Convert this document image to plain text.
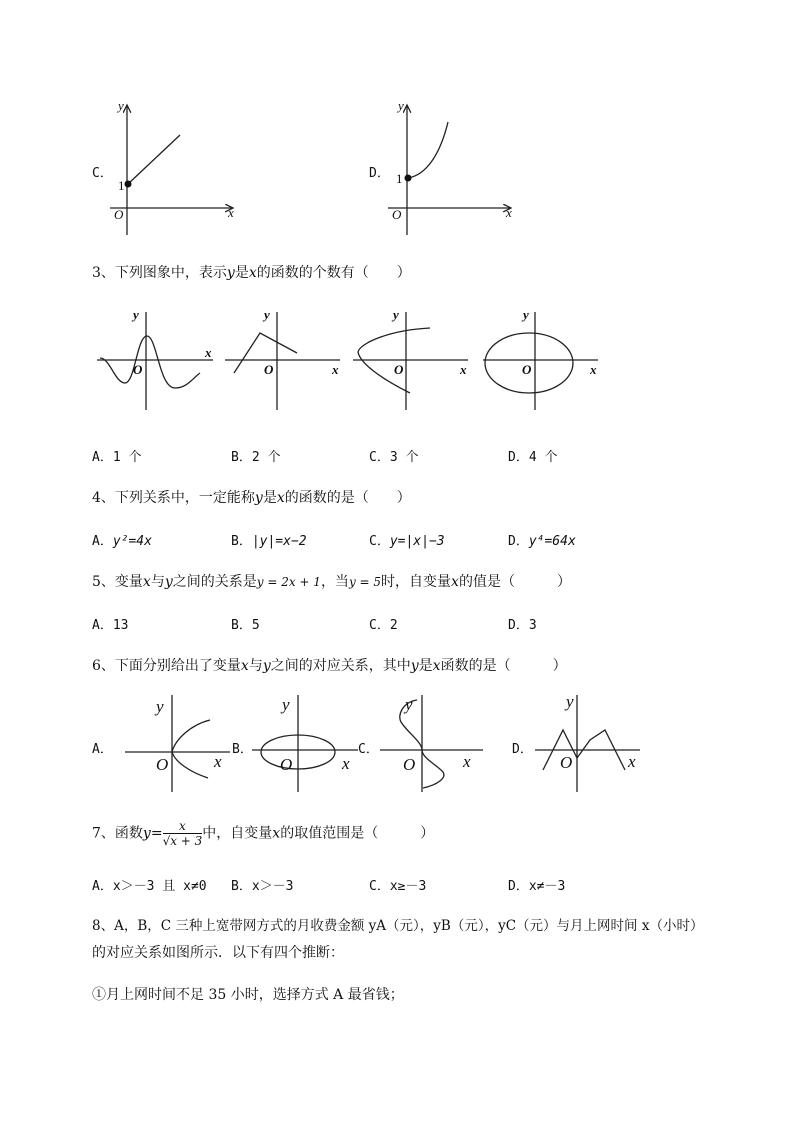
C．
y
x
O
1
D．
y
x
O
1
3、下列图象中，表示y是x的函数的个数有（　　）
y
x
O
y
x
O
y
x
O
y
x
O
A．1 个	B．2 个	C．3 个	D．4 个
4、下列关系中，一定能称y是x的函数的是（　　）
A．y²=4x	B．|y|=x−2	C．y=|x|−3	D．y⁴=64x
5、变量x与y之间的关系是y = 2x + 1，当y = 5时，自变量x的值是（　　　）
A．13	B．5	C．2	D．3
6、下面分别给出了变量x与y之间的对应关系，其中y是x函数的是（　　　）
A．
y
x
O
B．
y
x
O
C．
y
x
O
D．
y
x
O
7、函数$y= \frac{x}{√x + 3}$ 中，自变量x的取值范围是（　　　）
A．x＞－3 且 x≠0 B．x＞－3	C．x≥－3	D．x≠－3
8、A，B，C 三种上宽带网方式的月收费金额 yA（元），yB（元），yC（元）与月上网时间 x（小时）
的对应关系如图所示．以下有四个推断：
①月上网时间不足 35 小时，选择方式 A 最省钱；
